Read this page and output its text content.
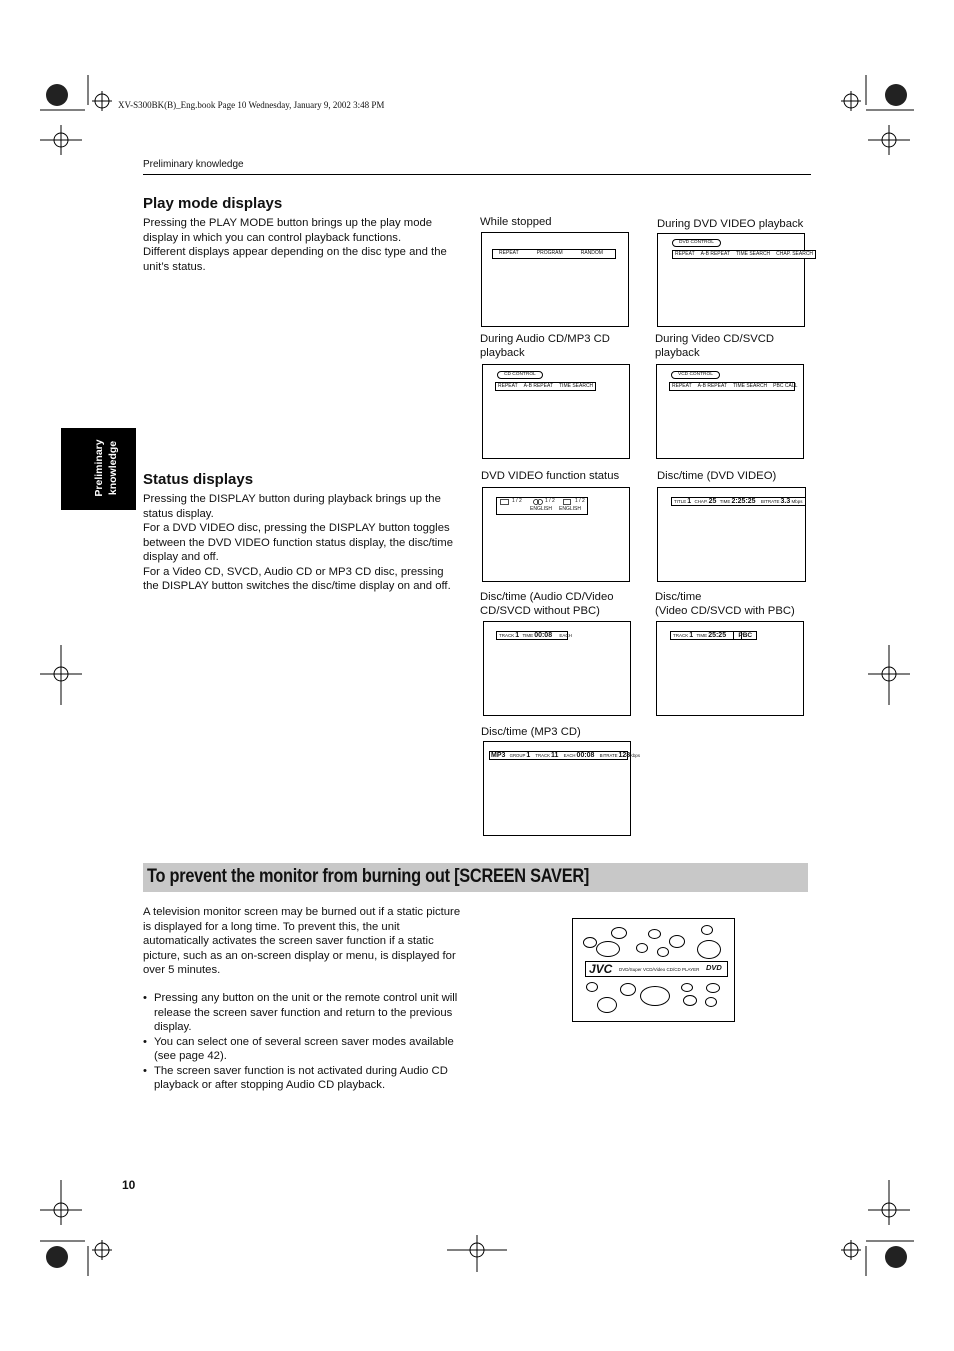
XV-S300BK(B)_Eng.book Page 10 Wednesday, January 9, 2002 3:48 PM
Preliminary knowledge
Preliminary knowledge
Play mode displays

Pressing the PLAY MODE button brings up the play mode display in which you can control playback functions.

Different displays appear depending on the disc type and the unit’s status.

Status displays

Pressing the DISPLAY button during playback brings up the status display.

For a DVD VIDEO disc, pressing the DISPLAY button toggles between the DVD VIDEO function status display, the disc/time display and off.

For a Video CD, SVCD, Audio CD or MP3 CD disc, pressing the DISPLAY button switches the disc/time display on and off.

While stopped
REPEAT	PROGRAM	RANDOM
During DVD VIDEO playback
DVD CONTROL
REPEAT A-B REPEAT TIME SEARCH CHAP. SEARCH
During Audio CD/MP3 CD
playback
CD CONTROL
REPEAT A-B REPEAT TIME SEARCH
During Video CD/SVCD
playback
VCD CONTROL
REPEAT A-B REPEAT TIME SEARCH PBC CALL
DVD VIDEO function status
1 / 2	1 / 2	1 / 2
ENGLISH ENGLISH
Disc/time (DVD VIDEO)
TITLE1 CHAP.25 TIME2:25:25 BITRATE3.3 Mbps
Disc/time (Audio CD/Video
CD/SVCD without PBC)
TRACK1 TIME00:08 EACH
Disc/time
(Video CD/SVCD with PBC)
TRACK1 TIME25:25 PBC
Disc/time (MP3 CD)
MP3 GROUP1 TRACK11 EACH00:08 BITRATE128Kbps
To prevent the monitor from burning out [SCREEN SAVER]
A television monitor screen may be burned out if a static picture is displayed for a long time. To prevent this, the unit automatically activates the screen saver function if a static picture, such as an on-screen display or menu, is displayed for over 5 minutes.
• Pressing any button on the unit or the remote control unit will release the screen saver function and return to the previous display.
• You can select one of several screen saver modes available (see page 42).
• The screen saver function is not activated during Audio CD playback or after stopping Audio CD playback.
JVC DVD/Super VCD/Video CD/CD PLAYER DVD
10
